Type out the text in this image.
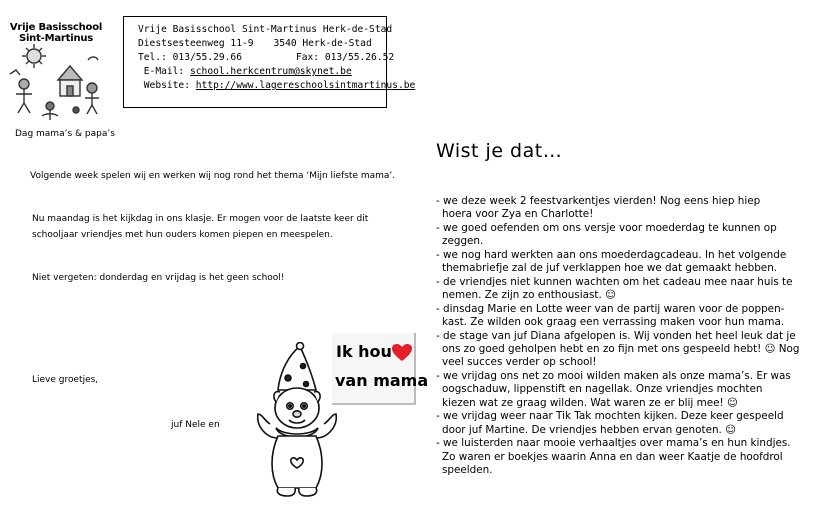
Vrije Basisschool
Sint-Martinus
Vrije Basisschool Sint-Martinus Herk-de-Stad
Diestsesteenweg 11-9 3540 Herk-de-Stad
Tel.: 013/55.29.66	Fax: 013/55.26.52
E-Mail: school.herkcentrum@skynet.be
Website: http://www.lagereschoolsintmartinus.be
Dag mama’s & papa’s
Volgende week spelen wij en werken wij nog rond het thema ‘Mijn liefste mama’.
Nu maandag is het kijkdag in ons klasje. Er mogen voor de laatste keer dit
schooljaar vriendjes met hun ouders komen piepen en meespelen.
Niet vergeten: donderdag en vrijdag is het geen school!
Lieve groetjes,
juf Nele en
Ik hou
van mama
Wist je dat…
- we deze week 2 feestvarkentjes vierden! Nog eens hiep hiep
hoera voor Zya en Charlotte!
- we goed oefenden om ons versje voor moederdag te kunnen op
zeggen.
- we nog hard werkten aan ons moederdagcadeau. In het volgende
themabriefje zal de juf verklappen hoe we dat gemaakt hebben.
- de vriendjes niet kunnen wachten om het cadeau mee naar huis te
nemen. Ze zijn zo enthousiast. ☺
- dinsdag Marie en Lotte weer van de partij waren voor de poppen-
kast. Ze wilden ook graag een verrassing maken voor hun mama.
- de stage van juf Diana afgelopen is. Wij vonden het heel leuk dat je
ons zo goed geholpen hebt en zo fijn met ons gespeeld hebt! ☺ Nog
veel succes verder op school!
- we vrijdag ons net zo mooi wilden maken als onze mama’s. Er was
oogschaduw, lippenstift en nagellak. Onze vriendjes mochten
kiezen wat ze graag wilden. Wat waren ze er blij mee! ☺
- we vrijdag weer naar Tik Tak mochten kijken. Deze keer gespeeld
door juf Martine. De vriendjes hebben ervan genoten. ☺
- we luisterden naar mooie verhaaltjes over mama’s en hun kindjes.
Zo waren er boekjes waarin Anna en dan weer Kaatje de hoofdrol
speelden.
